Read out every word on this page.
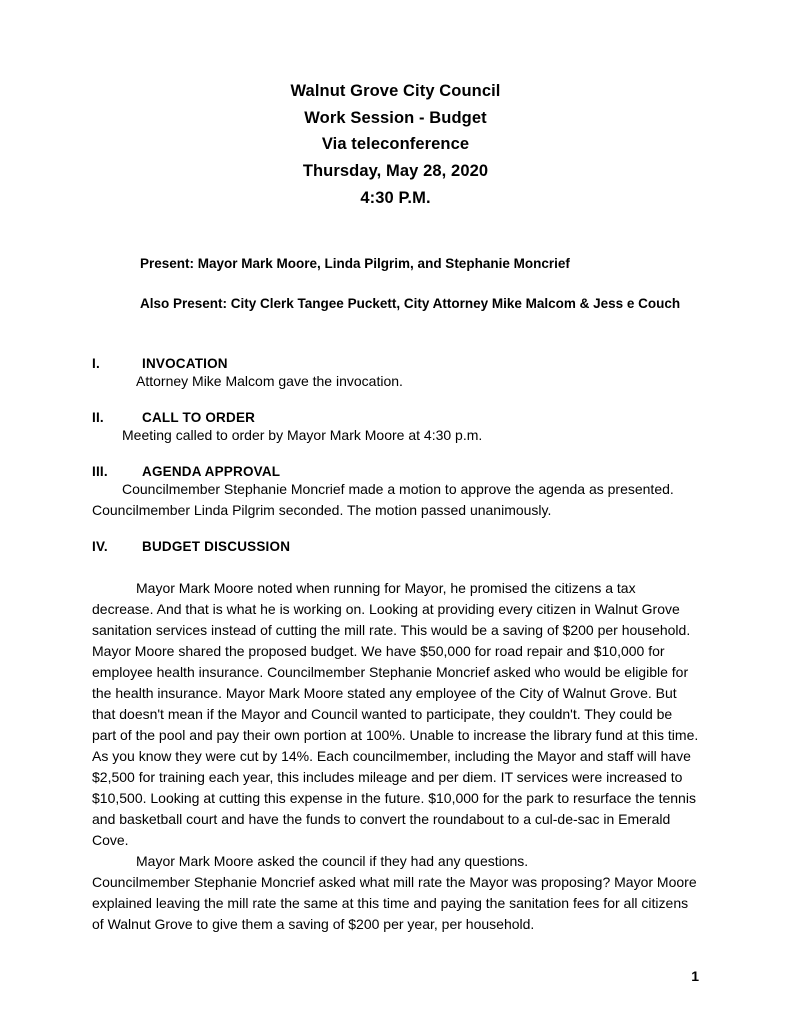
Walnut Grove City Council
Work Session - Budget
Via teleconference
Thursday, May 28, 2020
4:30 P.M.
Present: Mayor Mark Moore, Linda Pilgrim, and Stephanie Moncrief
Also Present: City Clerk Tangee Puckett, City Attorney Mike Malcom & Jess e Couch
I.	INVOCATION

Attorney Mike Malcom gave the invocation.

II.	CALL TO ORDER

Meeting called to order by Mayor Mark Moore at 4:30 p.m.

III.	AGENDA APPROVAL

Councilmember Stephanie Moncrief made a motion to approve the agenda as presented. Councilmember Linda Pilgrim seconded. The motion passed unanimously.

IV.	BUDGET DISCUSSION

Mayor Mark Moore noted when running for Mayor, he promised the citizens a tax decrease. And that is what he is working on. Looking at providing every citizen in Walnut Grove sanitation services instead of cutting the mill rate. This would be a saving of $200 per household. Mayor Moore shared the proposed budget. We have $50,000 for road repair and $10,000 for employee health insurance. Councilmember Stephanie Moncrief asked who would be eligible for the health insurance. Mayor Mark Moore stated any employee of the City of Walnut Grove. But that doesn't mean if the Mayor and Council wanted to participate, they couldn't. They could be part of the pool and pay their own portion at 100%. Unable to increase the library fund at this time. As you know they were cut by 14%. Each councilmember, including the Mayor and staff will have $2,500 for training each year, this includes mileage and per diem. IT services were increased to $10,500. Looking at cutting this expense in the future. $10,000 for the park to resurface the tennis and basketball court and have the funds to convert the roundabout to a cul-de-sac in Emerald Cove.

Mayor Mark Moore asked the council if they had any questions.

Councilmember Stephanie Moncrief asked what mill rate the Mayor was proposing? Mayor Moore explained leaving the mill rate the same at this time and paying the sanitation fees for all citizens of Walnut Grove to give them a saving of $200 per year, per household.

1
